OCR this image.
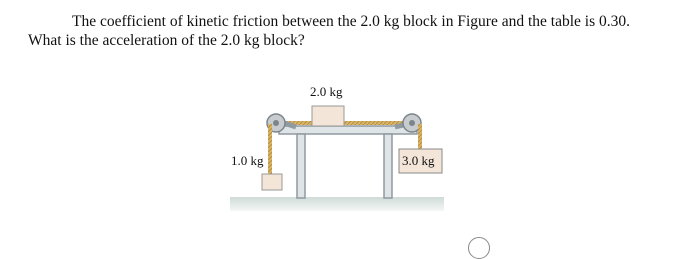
The coefficient of kinetic friction between the 2.0 kg block in Figure and the table is 0.30.
What is the acceleration of the 2.0 kg block?
2.0 kg
1.0 kg	3.0 kg
